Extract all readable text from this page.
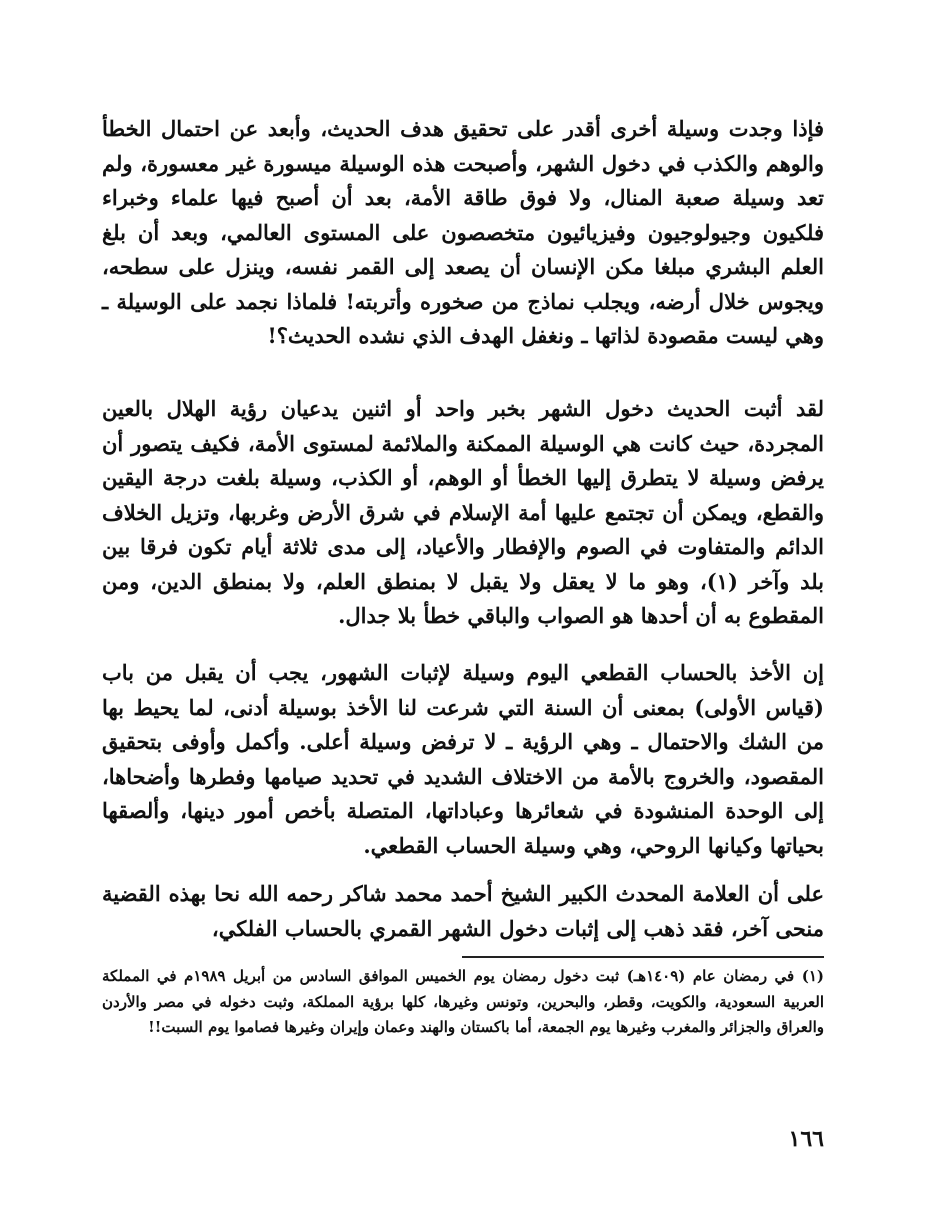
فإذا وجدت وسيلة أخرى أقدر على تحقيق هدف الحديث، وأبعد عن احتمال الخطأ والوهم والكذب في دخول الشهر، وأصبحت هذه الوسيلة ميسورة غير معسورة، ولم تعد وسيلة صعبة المنال، ولا فوق طاقة الأمة، بعد أن أصبح فيها علماء وخبراء فلكيون وجيولوجيون وفيزيائيون متخصصون على المستوى العالمي، وبعد أن بلغ العلم البشري مبلغا مكن الإنسان أن يصعد إلى القمر نفسه، وينزل على سطحه، ويجوس خلال أرضه، ويجلب نماذج من صخوره وأتربته! فلماذا نجمد على الوسيلة ـ وهي ليست مقصودة لذاتها ـ ونغفل الهدف الذي نشده الحديث؟!

لقد أثبت الحديث دخول الشهر بخبر واحد أو اثنين يدعيان رؤية الهلال بالعين المجردة، حيث كانت هي الوسيلة الممكنة والملائمة لمستوى الأمة، فكيف يتصور أن يرفض وسيلة لا يتطرق إليها الخطأ أو الوهم، أو الكذب، وسيلة بلغت درجة اليقين والقطع، ويمكن أن تجتمع عليها أمة الإسلام في شرق الأرض وغربها، وتزيل الخلاف الدائم والمتفاوت في الصوم والإفطار والأعياد، إلى مدى ثلاثة أيام تكون فرقا بين بلد وآخر (١)، وهو ما لا يعقل ولا يقبل لا بمنطق العلم، ولا بمنطق الدين، ومن المقطوع به أن أحدها هو الصواب والباقي خطأ بلا جدال.

إن الأخذ بالحساب القطعي اليوم وسيلة لإثبات الشهور، يجب أن يقبل من باب (قياس الأولى) بمعنى أن السنة التي شرعت لنا الأخذ بوسيلة أدنى، لما يحيط بها من الشك والاحتمال ـ وهي الرؤية ـ لا ترفض وسيلة أعلى. وأكمل وأوفى بتحقيق المقصود، والخروج بالأمة من الاختلاف الشديد في تحديد صيامها وفطرها وأضحاها، إلى الوحدة المنشودة في شعائرها وعباداتها، المتصلة بأخص أمور دينها، وألصقها بحياتها وكيانها الروحي، وهي وسيلة الحساب القطعي.

على أن العلامة المحدث الكبير الشيخ أحمد محمد شاكر رحمه الله نحا بهذه القضية منحى آخر، فقد ذهب إلى إثبات دخول الشهر القمري بالحساب الفلكي،

(١) في رمضان عام (١٤٠٩هـ) ثبت دخول رمضان يوم الخميس الموافق السادس من أبريل ١٩٨٩م في المملكة العربية السعودية، والكويت، وقطر، والبحرين، وتونس وغيرها، كلها برؤية المملكة، وثبت دخوله في مصر والأردن والعراق والجزائر والمغرب وغيرها يوم الجمعة، أما باكستان والهند وعمان وإيران وغيرها فصاموا يوم السبت!!

١٦٦
